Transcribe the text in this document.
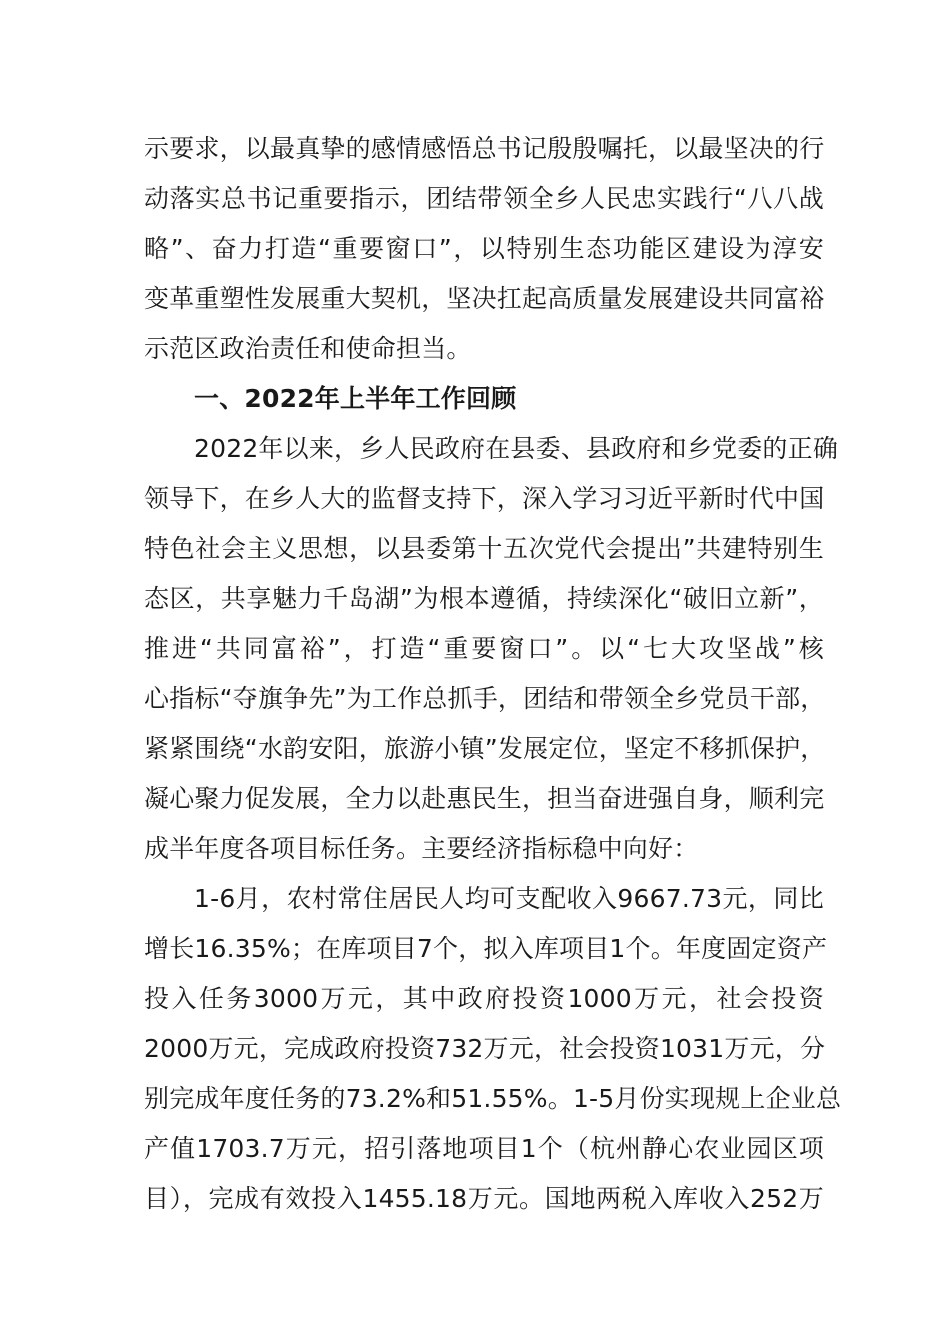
示要求，以最真挚的感情感悟总书记殷殷嘱托，以最坚决的行
动落实总书记重要指示，团结带领全乡人民忠实践行“八八战
略”、奋力打造“重要窗口”，以特别生态功能区建设为淳安
变革重塑性发展重大契机，坚决扛起高质量发展建设共同富裕
示范区政治责任和使命担当。
一、2022年上半年工作回顾
2022年以来，乡人民政府在县委、县政府和乡党委的正确
领导下，在乡人大的监督支持下，深入学习习近平新时代中国
特色社会主义思想，以县委第十五次党代会提出”共建特别生
态区，共享魅力千岛湖”为根本遵循，持续深化“破旧立新”，
推进“共同富裕”，打造“重要窗口”。以“七大攻坚战”核
心指标“夺旗争先”为工作总抓手，团结和带领全乡党员干部，
紧紧围绕“水韵安阳，旅游小镇”发展定位，坚定不移抓保护，
凝心聚力促发展，全力以赴惠民生，担当奋进强自身，顺利完
成半年度各项目标任务。主要经济指标稳中向好：
1-6月，农村常住居民人均可支配收入9667.73元，同比
增长16.35%；在库项目7个，拟入库项目1个。年度固定资产
投入任务3000万元，其中政府投资1000万元，社会投资
2000万元，完成政府投资732万元，社会投资1031万元，分
别完成年度任务的73.2%和51.55%。1-5月份实现规上企业总
产值1703.7万元，招引落地项目1个（杭州静心农业园区项
目），完成有效投入1455.18万元。国地两税入库收入252万
